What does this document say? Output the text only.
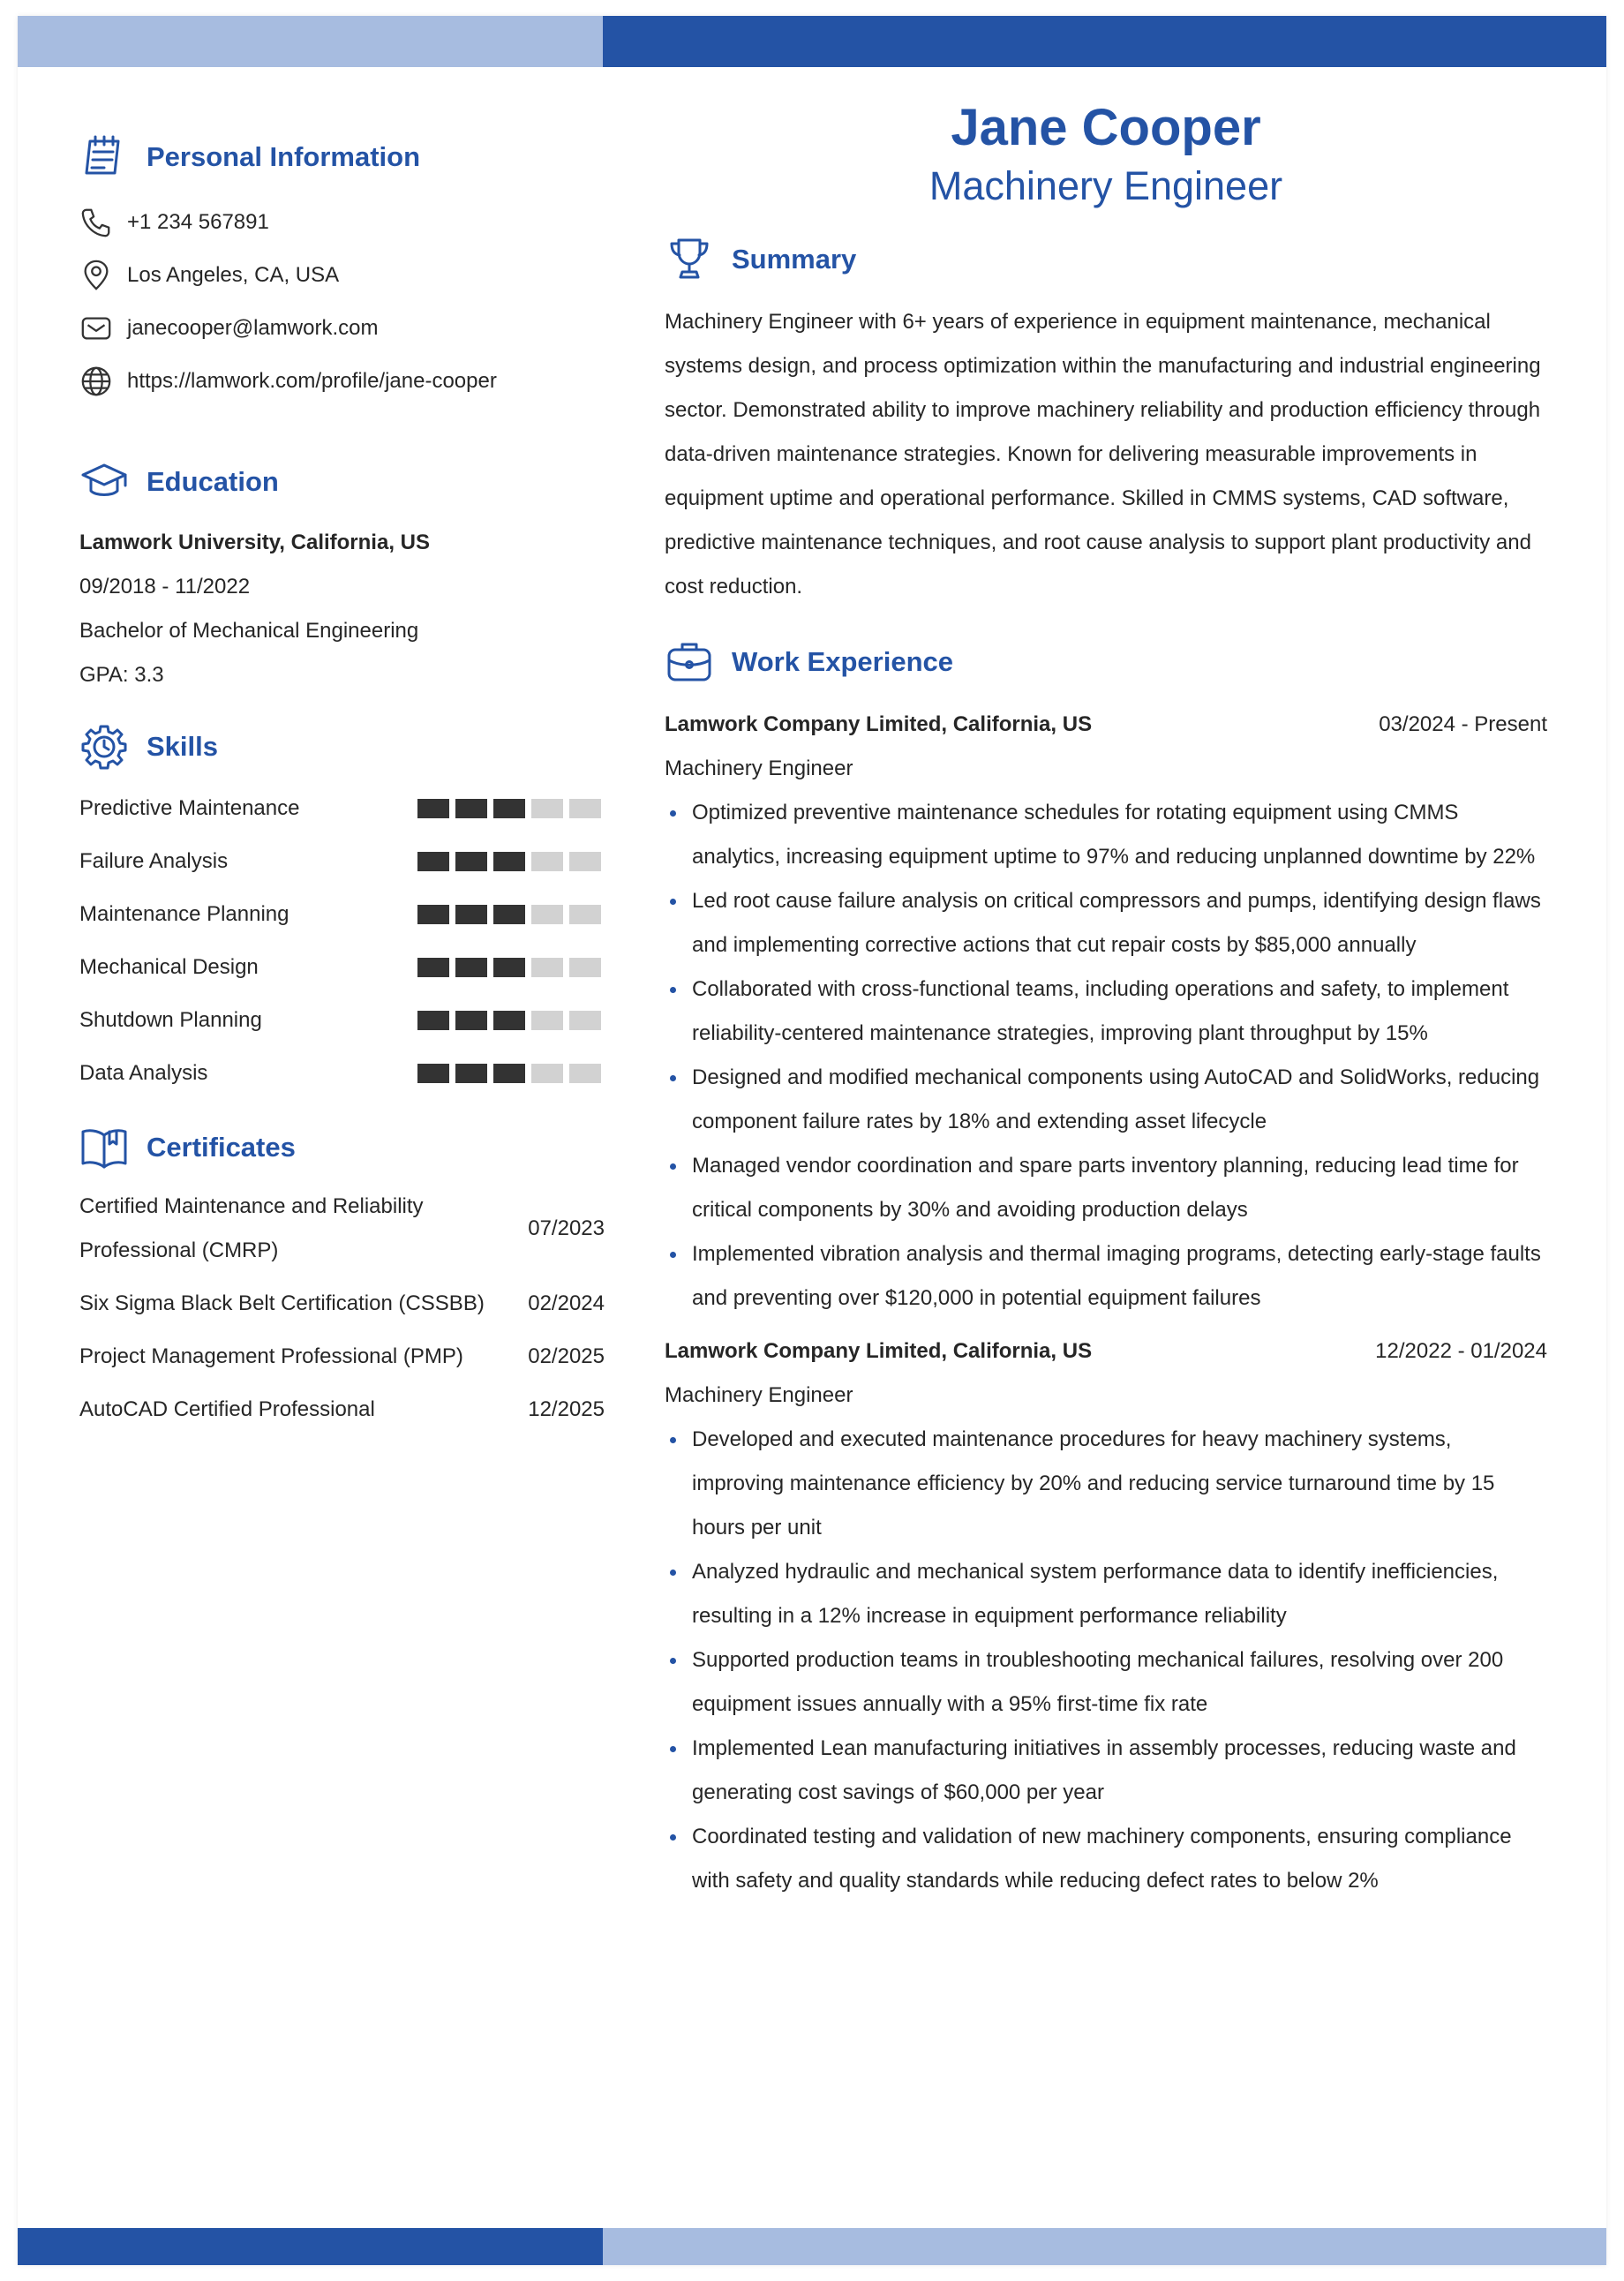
Personal Information
+1 234 567891
Los Angeles, CA, USA
janecooper@lamwork.com
https://lamwork.com/profile/jane-cooper
Education
Lamwork University, California, US
09/2018 - 11/2022
Bachelor of Mechanical Engineering
GPA: 3.3
Skills
Predictive Maintenance
Failure Analysis
Maintenance Planning
Mechanical Design
Shutdown Planning
Data Analysis
Certificates
Certified Maintenance and Reliability Professional (CMRP)
07/2023
Six Sigma Black Belt Certification (CSSBB) 02/2024
Project Management Professional (PMP)	02/2025
AutoCAD Certified Professional	12/2025
Jane Cooper
Machinery Engineer
Summary
Machinery Engineer with 6+ years of experience in equipment maintenance, mechanical systems design, and process optimization within the manufacturing and industrial engineering sector. Demonstrated ability to improve machinery reliability and production efficiency through data-driven maintenance strategies. Known for delivering measurable improvements in equipment uptime and operational performance. Skilled in CMMS systems, CAD software, predictive maintenance techniques, and root cause analysis to support plant productivity and cost reduction.
Work Experience
Lamwork Company Limited, California, US	03/2024 - Present
Machinery Engineer
Optimized preventive maintenance schedules for rotating equipment using CMMS analytics, increasing equipment uptime to 97% and reducing unplanned downtime by 22%
Led root cause failure analysis on critical compressors and pumps, identifying design flaws and implementing corrective actions that cut repair costs by $85,000 annually
Collaborated with cross-functional teams, including operations and safety, to implement reliability-centered maintenance strategies, improving plant throughput by 15%
Designed and modified mechanical components using AutoCAD and SolidWorks, reducing component failure rates by 18% and extending asset lifecycle
Managed vendor coordination and spare parts inventory planning, reducing lead time for critical components by 30% and avoiding production delays
Implemented vibration analysis and thermal imaging programs, detecting early-stage faults and preventing over $120,000 in potential equipment failures
Lamwork Company Limited, California, US	12/2022 - 01/2024
Machinery Engineer
Developed and executed maintenance procedures for heavy machinery systems, improving maintenance efficiency by 20% and reducing service turnaround time by 15 hours per unit
Analyzed hydraulic and mechanical system performance data to identify inefficiencies, resulting in a 12% increase in equipment performance reliability
Supported production teams in troubleshooting mechanical failures, resolving over 200 equipment issues annually with a 95% first-time fix rate
Implemented Lean manufacturing initiatives in assembly processes, reducing waste and generating cost savings of $60,000 per year
Coordinated testing and validation of new machinery components, ensuring compliance with safety and quality standards while reducing defect rates to below 2%
